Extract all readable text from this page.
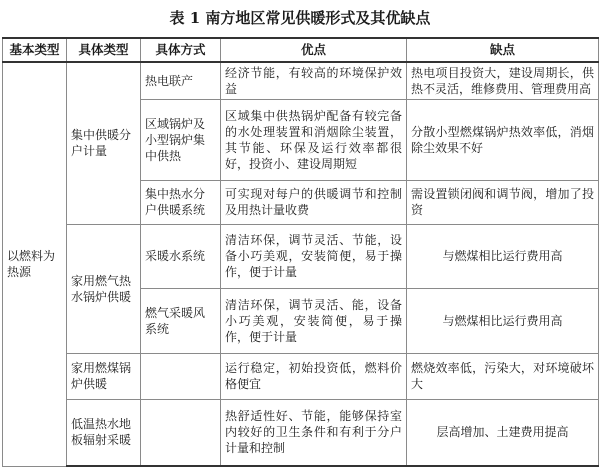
表 1 南方地区常见供暖形式及其优缺点
基本类型	具体类型	具体方式	优点	缺点
以燃料为热源	集中供暖分户计量	热电联产	经济节能，有较高的环境保护效益	热电项目投资大，建设周期长，供热不灵活，维修费用、管理费用高
		区域锅炉及小型锅炉集中供热	区域集中供热锅炉配备有较完备的水处理装置和消烟除尘装置，其节能、环保及运行效率都很好，投资小、建设周期短	分散小型燃煤锅炉热效率低，消烟除尘效果不好
		集中热水分户供暖系统	可实现对每户的供暖调节和控制及用热计量收费	需设置锁闭阀和调节阀，增加了投资
	家用燃气热水锅炉供暖	采暖水系统	清洁环保，调节灵活、节能，设备小巧美观，安装简便，易于操作，便于计量	与燃煤相比运行费用高
		燃气采暖风系统	清洁环保，调节灵活、能，设备小巧美观，安装简便，易于操作，便于计量	与燃煤相比运行费用高
	家用燃煤锅炉供暖		运行稳定，初始投资低，燃料价格便宜	燃烧效率低，污染大，对环境破坏大
	低温热水地板辐射采暖		热舒适性好、节能，能够保持室内较好的卫生条件和有利于分户计量和控制	层高增加、土建费用提高
